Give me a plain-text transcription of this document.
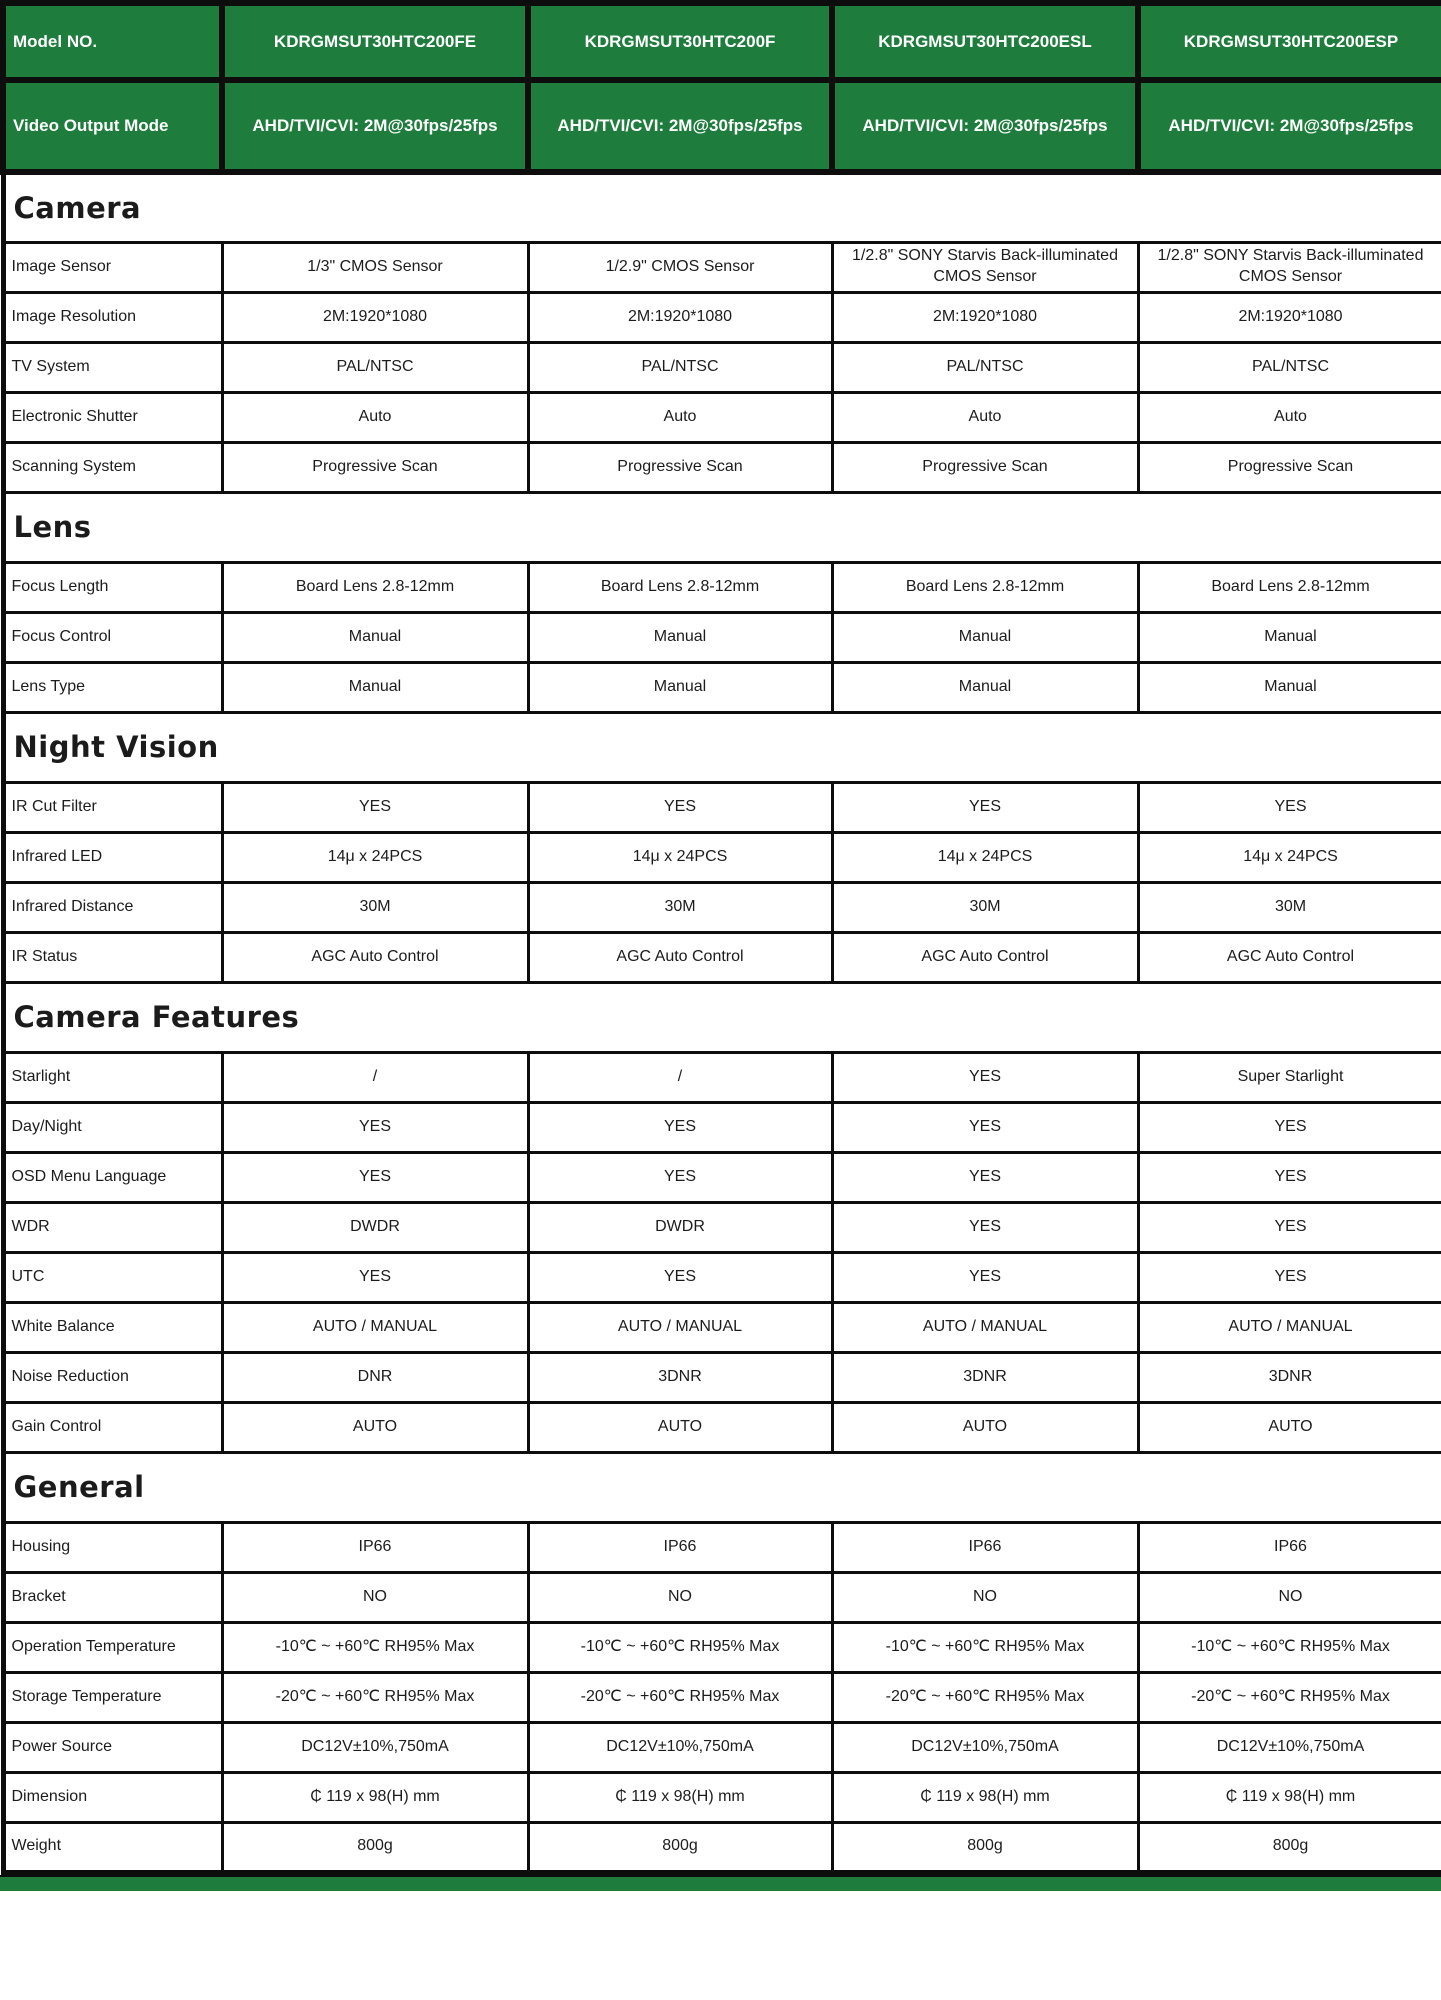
Model NO.	KDRGMSUT30HTC200FE	KDRGMSUT30HTC200F	KDRGMSUT30HTC200ESL	KDRGMSUT30HTC200ESP
Video Output Mode	AHD/TVI/CVI: 2M@30fps/25fps	AHD/TVI/CVI: 2M@30fps/25fps	AHD/TVI/CVI: 2M@30fps/25fps	AHD/TVI/CVI: 2M@30fps/25fps
Camera				
Image Sensor	1/3" CMOS Sensor	1/2.9" CMOS Sensor	1/2.8" SONY Starvis Back-illuminated CMOS Sensor	1/2.8" SONY Starvis Back-illuminated CMOS Sensor
Image Resolution	2M:1920*1080	2M:1920*1080	2M:1920*1080	2M:1920*1080
TV System	PAL/NTSC	PAL/NTSC	PAL/NTSC	PAL/NTSC
Electronic Shutter	Auto	Auto	Auto	Auto
Scanning System	Progressive Scan	Progressive Scan	Progressive Scan	Progressive Scan
Lens				
Focus Length	Board Lens 2.8-12mm	Board Lens 2.8-12mm	Board Lens 2.8-12mm	Board Lens 2.8-12mm
Focus Control	Manual	Manual	Manual	Manual
Lens Type	Manual	Manual	Manual	Manual
Night Vision				
IR Cut Filter	YES	YES	YES	YES
Infrared LED	14μ x 24PCS	14μ x 24PCS	14μ x 24PCS	14μ x 24PCS
Infrared Distance	30M	30M	30M	30M
IR Status	AGC Auto Control	AGC Auto Control	AGC Auto Control	AGC Auto Control
Camera Features				
Starlight	/	/	YES	Super Starlight
Day/Night	YES	YES	YES	YES
OSD Menu Language	YES	YES	YES	YES
WDR	DWDR	DWDR	YES	YES
UTC	YES	YES	YES	YES
White Balance	AUTO / MANUAL	AUTO / MANUAL	AUTO / MANUAL	AUTO / MANUAL
Noise Reduction	DNR	3DNR	3DNR	3DNR
Gain Control	AUTO	AUTO	AUTO	AUTO
General				
Housing	IP66	IP66	IP66	IP66
Bracket	NO	NO	NO	NO
Operation Temperature	-10℃ ~ +60℃ RH95% Max	-10℃ ~ +60℃ RH95% Max	-10℃ ~ +60℃ RH95% Max	-10℃ ~ +60℃ RH95% Max
Storage Temperature	-20℃ ~ +60℃ RH95% Max	-20℃ ~ +60℃ RH95% Max	-20℃ ~ +60℃ RH95% Max	-20℃ ~ +60℃ RH95% Max
Power Source	DC12V±10%,750mA	DC12V±10%,750mA	DC12V±10%,750mA	DC12V±10%,750mA
Dimension	₵ 119 x 98(H) mm	₵ 119 x 98(H) mm	₵ 119 x 98(H) mm	₵ 119 x 98(H) mm
Weight	800g	800g	800g	800g
